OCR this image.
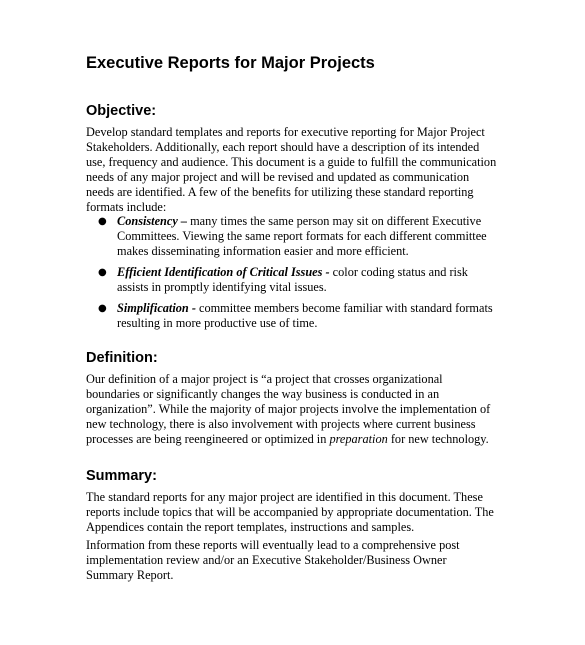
Executive Reports for Major Projects
Objective:

Develop standard templates and reports for executive reporting for Major Project
Stakeholders. Additionally, each report should have a description of its intended
use, frequency and audience. This document is a guide to fulfill the communication
needs of any major project and will be revised and updated as communication
needs are identified. A few of the benefits for utilizing these standard reporting
formats include:

● Consistency – many times the same person may sit on different Executive
Committees. Viewing the same report formats for each different committee
makes disseminating information easier and more efficient.
● Efficient Identification of Critical Issues - color coding status and risk
assists in promptly identifying vital issues.
● Simplification - committee members become familiar with standard formats
resulting in more productive use of time.
Definition:

Our definition of a major project is “a project that crosses organizational
boundaries or significantly changes the way business is conducted in an
organization”. While the majority of major projects involve the implementation of
new technology, there is also involvement with projects where current business
processes are being reengineered or optimized in preparation for new technology.

Summary:

The standard reports for any major project are identified in this document. These
reports include topics that will be accompanied by appropriate documentation. The
Appendices contain the report templates, instructions and samples.

Information from these reports will eventually lead to a comprehensive post
implementation review and/or an Executive Stakeholder/Business Owner
Summary Report.
